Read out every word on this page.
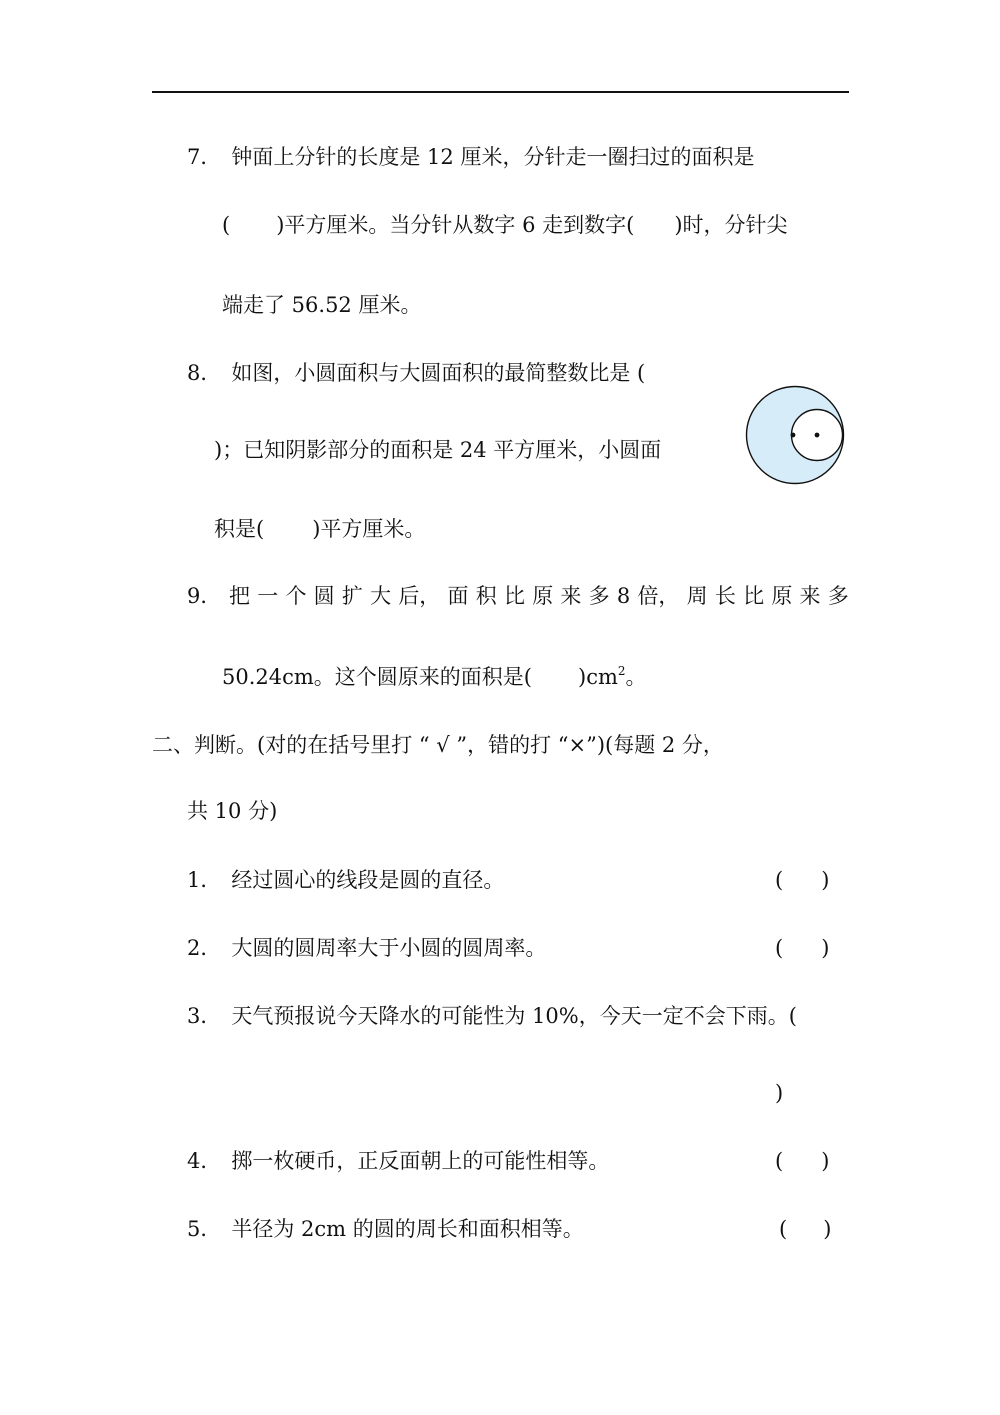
7． 钟面上分针的长度是 12 厘米，分针走一圈扫过的面积是
( )平方厘米。当分针从数字 6 走到数字( )时，分针尖
端走了 56.52 厘米。
8． 如图，小圆面积与大圆面积的最简整数比是 (
)；已知阴影部分的面积是 24 平方厘米，小圆面
积是( )平方厘米。
9． 把 一 个 圆 扩 大 后， 面 积 比 原 来 多 8 倍， 周 长 比 原 来 多
50.24cm。这个圆原来的面积是( )$cm^2$。
二、判断。(对的在括号里打 “ √ ”，错的打 “×”)(每题 2 分，
共 10 分)
1． 经过圆心的线段是圆的直径。	( )
2． 大圆的圆周率大于小圆的圆周率。	( )
3． 天气预报说今天降水的可能性为 10%，今天一定不会下雨。(
)
4． 掷一枚硬币，正反面朝上的可能性相等。	( )
5． 半径为 2cm 的圆的周长和面积相等。	( )
